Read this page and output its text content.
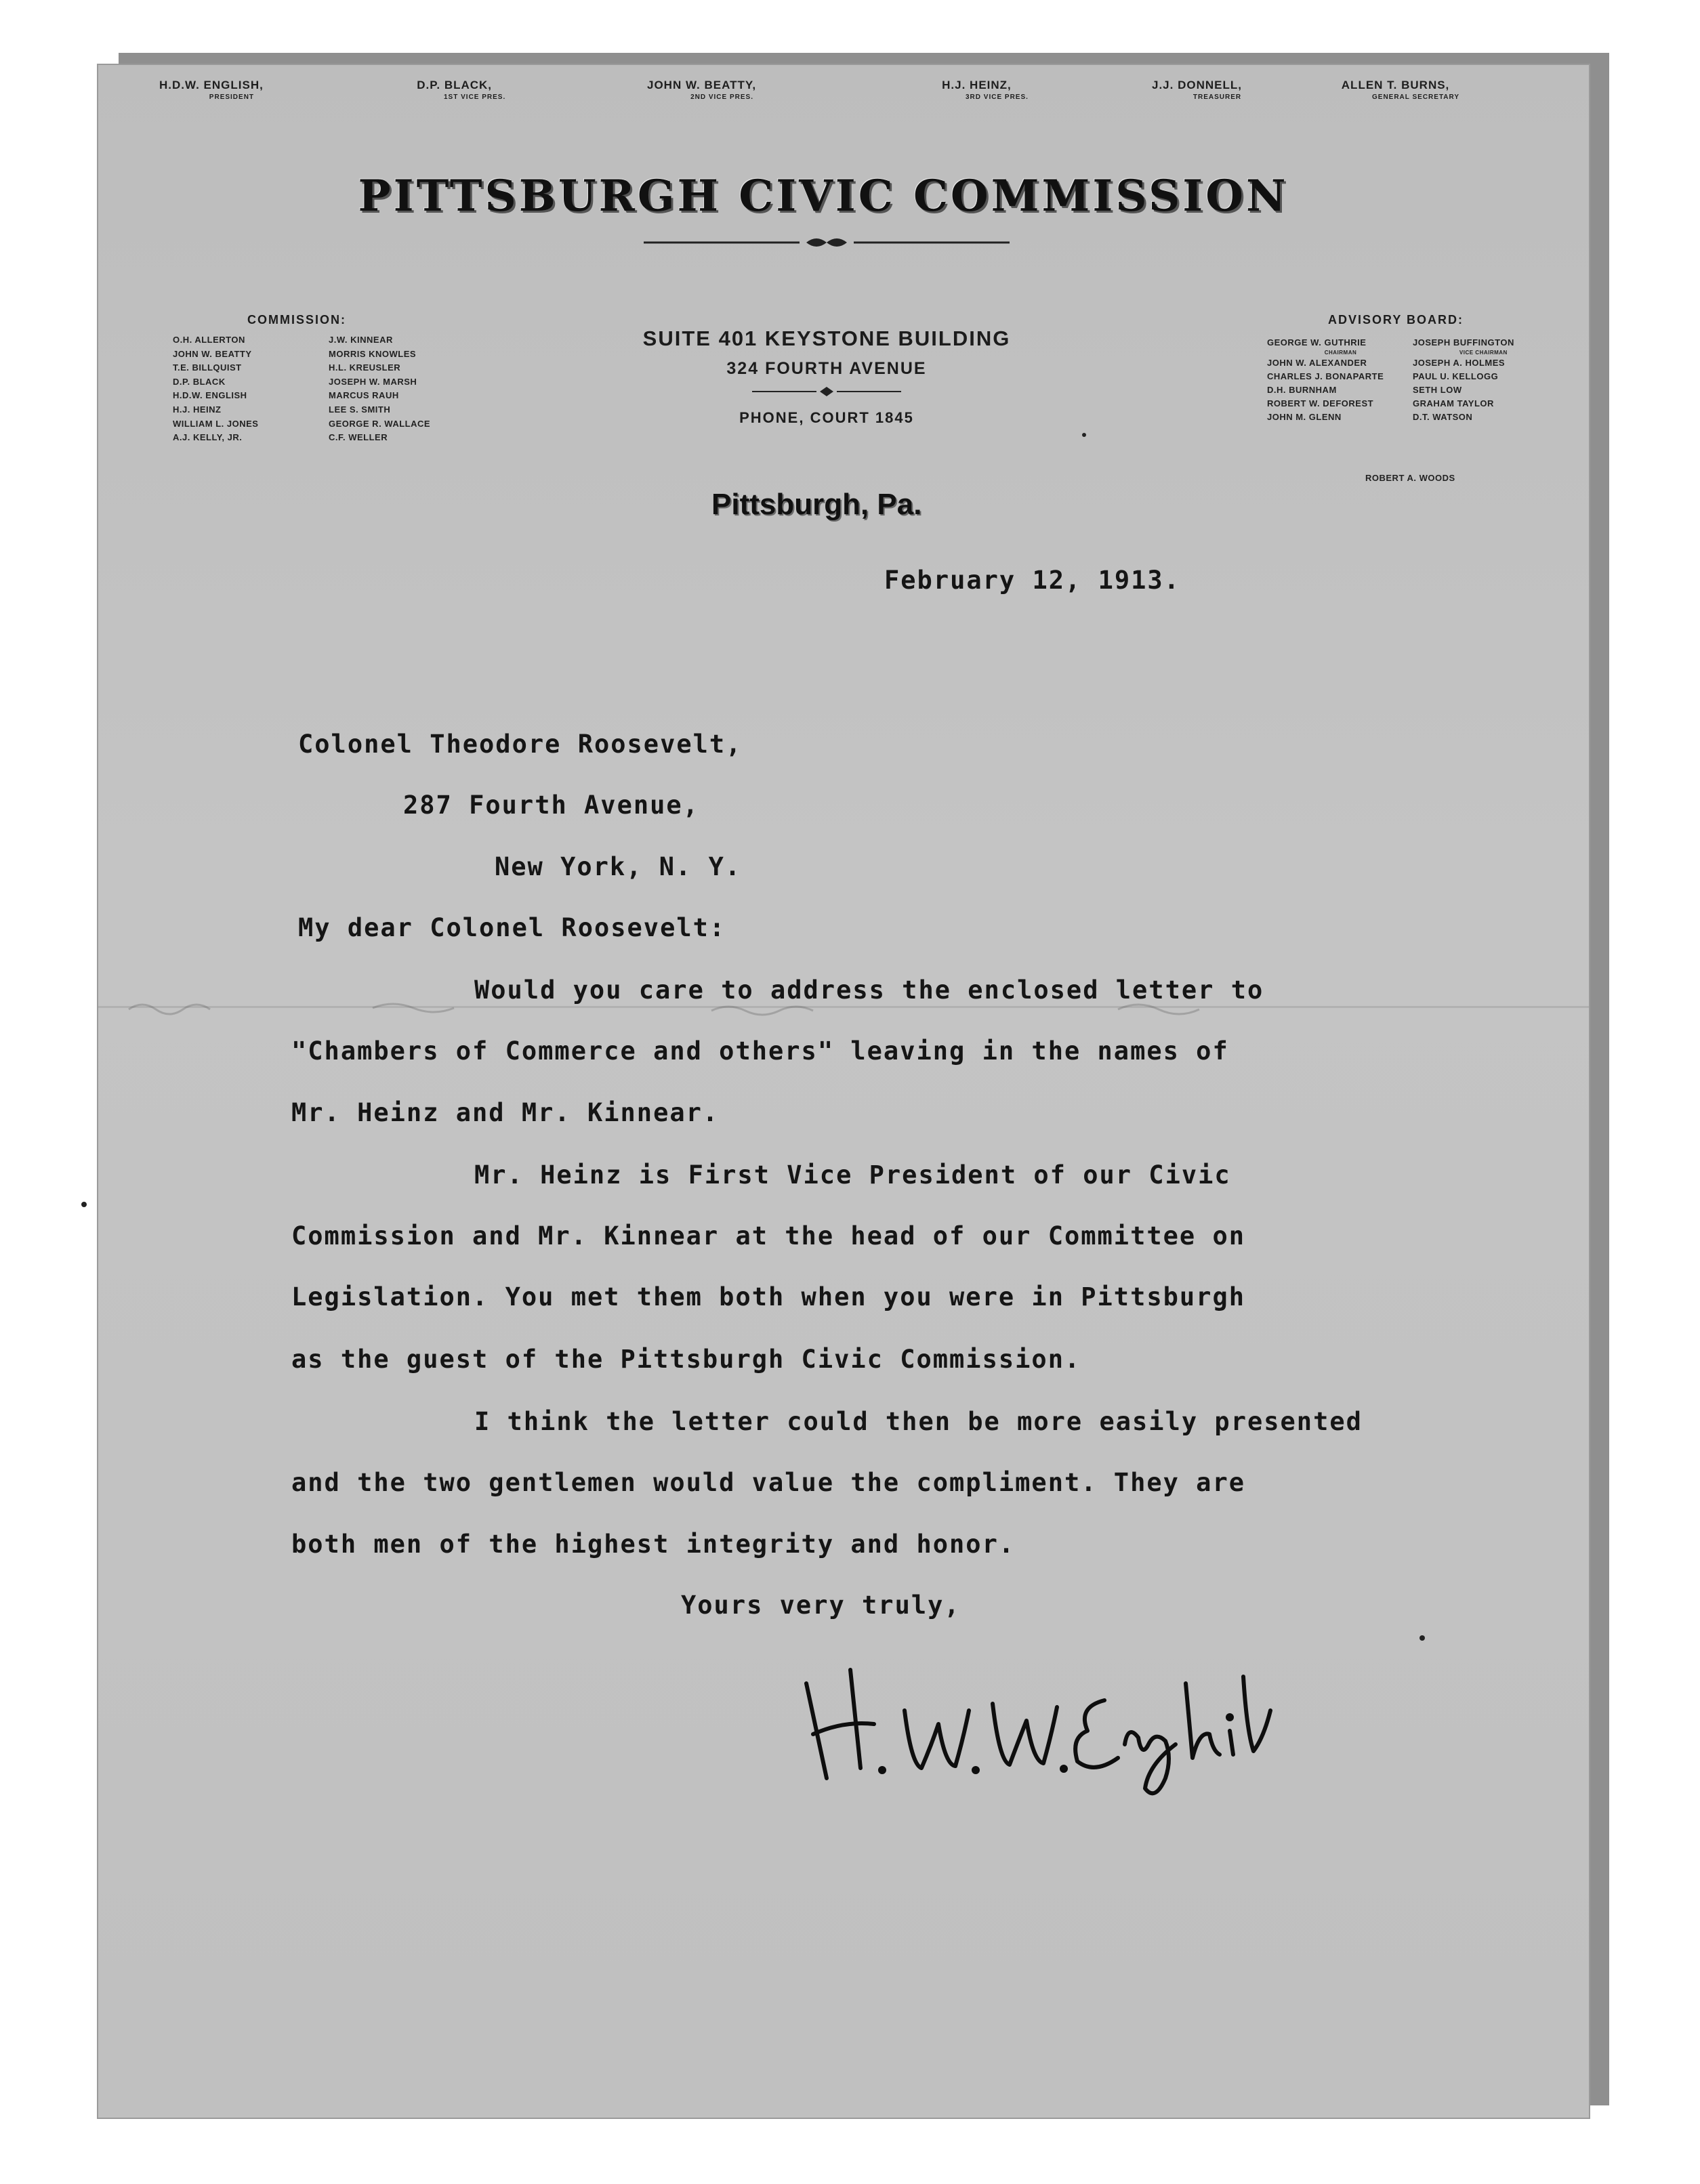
H.D.W. ENGLISH,
PRESIDENT
D.P. BLACK,
1ST VICE PRES.
JOHN W. BEATTY,
2ND VICE PRES.
H.J. HEINZ,
3RD VICE PRES.
J.J. DONNELL,
TREASURER
ALLEN T. BURNS,
GENERAL SECRETARY
PITTSBURGH CIVIC COMMISSION
SUITE 401 KEYSTONE BUILDING
324 FOURTH AVENUE
PHONE, COURT 1845
COMMISSION:
O.H. ALLERTON
JOHN W. BEATTY
T.E. BILLQUIST
D.P. BLACK
H.D.W. ENGLISH
H.J. HEINZ
WILLIAM L. JONES
A.J. KELLY, JR.
J.W. KINNEAR
MORRIS KNOWLES
H.L. KREUSLER
JOSEPH W. MARSH
MARCUS RAUH
LEE S. SMITH
GEORGE R. WALLACE
C.F. WELLER
ADVISORY BOARD:
GEORGE W. GUTHRIE
CHAIRMAN
JOHN W. ALEXANDER
CHARLES J. BONAPARTE
D.H. BURNHAM
ROBERT W. DEFOREST
JOHN M. GLENN
JOSEPH BUFFINGTON
VICE CHAIRMAN
JOSEPH A. HOLMES
PAUL U. KELLOGG
SETH LOW
GRAHAM TAYLOR
D.T. WATSON
ROBERT A. WOODS
Pittsburgh, Pa.
February 12, 1913.
Colonel Theodore Roosevelt,
287 Fourth Avenue,
New York, N. Y.
My dear Colonel Roosevelt:
Would you care to address the enclosed letter to
"Chambers of Commerce and others" leaving in the names of
Mr. Heinz and Mr. Kinnear.
Mr. Heinz is First Vice President of our Civic
Commission and Mr. Kinnear at the head of our Committee on
Legislation. You met them both when you were in Pittsburgh
as the guest of the Pittsburgh Civic Commission.
I think the letter could then be more easily presented
and the two gentlemen would value the compliment. They are
both men of the highest integrity and honor.
Yours very truly,
